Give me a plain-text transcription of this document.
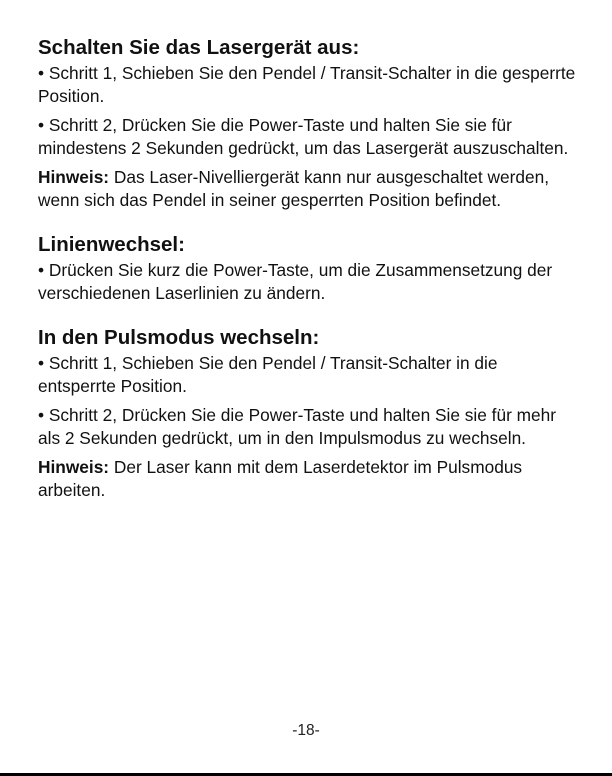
Schalten Sie das Lasergerät aus:
• Schritt 1, Schieben Sie den Pendel / Transit-Schalter in die gesperrte Position.
• Schritt 2, Drücken Sie die Power-Taste und halten Sie sie für mindestens 2 Sekunden gedrückt, um das Lasergerät auszuschalten.
Hinweis: Das Laser-Nivelliergerät kann nur ausgeschaltet werden, wenn sich das Pendel in seiner gesperrten Position befindet.
Linienwechsel:
• Drücken Sie kurz die Power-Taste, um die Zusammensetzung der verschiedenen Laserlinien zu ändern.
In den Pulsmodus wechseln:
• Schritt 1, Schieben Sie den Pendel / Transit-Schalter in die entsperrte Position.
• Schritt 2, Drücken Sie die Power-Taste und halten Sie sie für mehr als 2 Sekunden gedrückt, um in den Impulsmodus zu wechseln.
Hinweis: Der Laser kann mit dem Laserdetektor im Pulsmodus arbeiten.
-18-
